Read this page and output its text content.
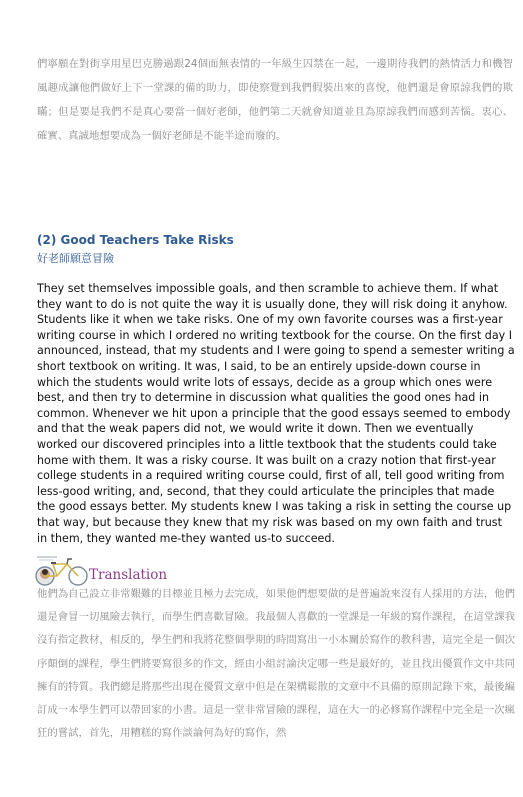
們寧願在對街享用星巴克勝過跟24個面無表情的一年級生囚禁在一起，一邊期待我們的熱情活力和機智風趣成讓他們做好上下一堂課的備的助力，即使察覺到我們假裝出來的喜悅，他們還是會原諒我們的欺瞞；但是要是我們不是真心要當一個好老師，他們第二天就會知道並且為原諒我們而感到苦惱。衷心、確實、真誠地想要成為一個好老師是不能半途而廢的。
(2) Good Teachers Take Risks
好老師願意冒險
They set themselves impossible goals, and then scramble to achieve them. If what they want to do is not quite the way it is usually done, they will risk doing it anyhow. Students like it when we take risks. One of my own favorite courses was a first-year writing course in which I ordered no writing textbook for the course. On the first day I announced, instead, that my students and I were going to spend a semester writing a short textbook on writing. It was, I said, to be an entirely upside-down course in which the students would write lots of essays, decide as a group which ones were best, and then try to determine in discussion what qualities the good ones had in common. Whenever we hit upon a principle that the good essays seemed to embody and that the weak papers did not, we would write it down. Then we eventually worked our discovered principles into a little textbook that the students could take home with them. It was a risky course. It was built on a crazy notion that first-year college students in a required writing course could, first of all, tell good writing from less-good writing, and, second, that they could articulate the principles that made the good essays better. My students knew I was taking a risk in setting the course up that way, but because they knew that my risk was based on my own faith and trust in them, they wanted me-they wanted us-to succeed.
Translation
他們為自己設立非常艱難的目標並且極力去完成，如果他們想要做的是普遍說來沒有人採用的方法，他們還是會冒一切風險去執行，而學生們喜歡冒險。我最個人喜歡的一堂課是一年級的寫作課程，在這堂課我沒有指定教材，相反的，學生們和我將花整個學期的時間寫出一小本關於寫作的教科書，這完全是一個次序顛倒的課程，學生們將要寫很多的作文，經由小組討論決定哪一些是最好的，並且找出優質作文中共同擁有的特質。我們總是將那些出現在優質文章中但是在架構鬆散的文章中不具備的原則記錄下來，最後編訂成一本學生們可以帶回家的小書。這是一堂非常冒險的課程，這在大一的必修寫作課程中完全是一次瘋狂的嘗試，首先，用糟糕的寫作談論何為好的寫作，然
